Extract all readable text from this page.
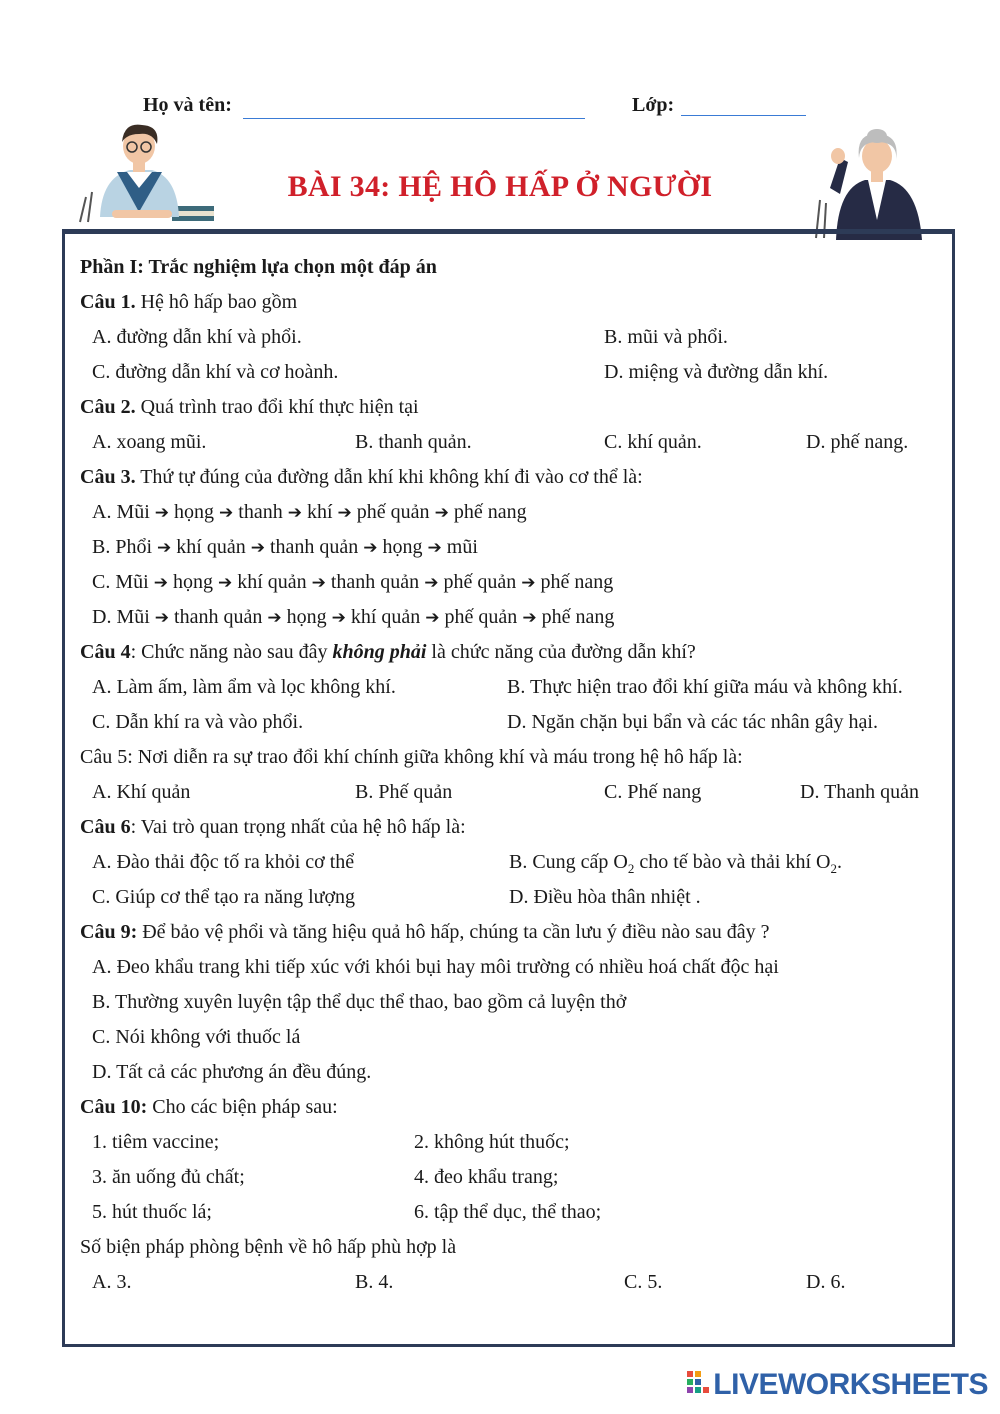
Họ và tên:	Lớp:
BÀI 34: HỆ HÔ HẤP Ở NGƯỜI
Phần I: Trắc nghiệm lựa chọn một đáp án
Câu 1. Hệ hô hấp bao gồm
A. đường dẫn khí và phổi.	B. mũi và phổi.
C. đường dẫn khí và cơ hoành.	D. miệng và đường dẫn khí.
Câu 2. Quá trình trao đổi khí thực hiện tại
A. xoang mũi.	B. thanh quản.	C. khí quản.	D. phế nang.
Câu 3. Thứ tự đúng của đường dẫn khí khi không khí đi vào cơ thể là:
A. Mũi ➔ họng ➔ thanh ➔ khí ➔ phế quản ➔ phế nang
B. Phổi ➔ khí quản ➔ thanh quản ➔ họng ➔ mũi
C. Mũi ➔ họng ➔ khí quản ➔ thanh quản ➔ phế quản ➔ phế nang
D. Mũi ➔ thanh quản ➔ họng ➔ khí quản ➔ phế quản ➔ phế nang
Câu 4: Chức năng nào sau đây không phải là chức năng của đường dẫn khí?
A. Làm ấm, làm ẩm và lọc không khí.	B. Thực hiện trao đổi khí giữa máu và không khí.
C. Dẫn khí ra và vào phổi.	D. Ngăn chặn bụi bẩn và các tác nhân gây hại.
Câu 5: Nơi diễn ra sự trao đổi khí chính giữa không khí và máu trong hệ hô hấp là:
A. Khí quản	B. Phế quản	C. Phế nang	D. Thanh quản
Câu 6: Vai trò quan trọng nhất của hệ hô hấp là:
A. Đào thải độc tố ra khỏi cơ thể	B. Cung cấp $O_2$ cho tế bào và thải khí $O_2$.
C. Giúp cơ thể tạo ra năng lượng	D. Điều hòa thân nhiệt .
Câu 9: Để bảo vệ phổi và tăng hiệu quả hô hấp, chúng ta cần lưu ý điều nào sau đây ?
A. Đeo khẩu trang khi tiếp xúc với khói bụi hay môi trường có nhiều hoá chất độc hại
B. Thường xuyên luyện tập thể dục thể thao, bao gồm cả luyện thở
C. Nói không với thuốc lá
D. Tất cả các phương án đều đúng.
Câu 10: Cho các biện pháp sau:
1. tiêm vaccine;	2. không hút thuốc;
3. ăn uống đủ chất;	4. đeo khẩu trang;
5. hút thuốc lá;	6. tập thể dục, thể thao;
Số biện pháp phòng bệnh về hô hấp phù hợp là
A. 3.	B. 4.	C. 5.	D. 6.
LIVEWORKSHEETS
